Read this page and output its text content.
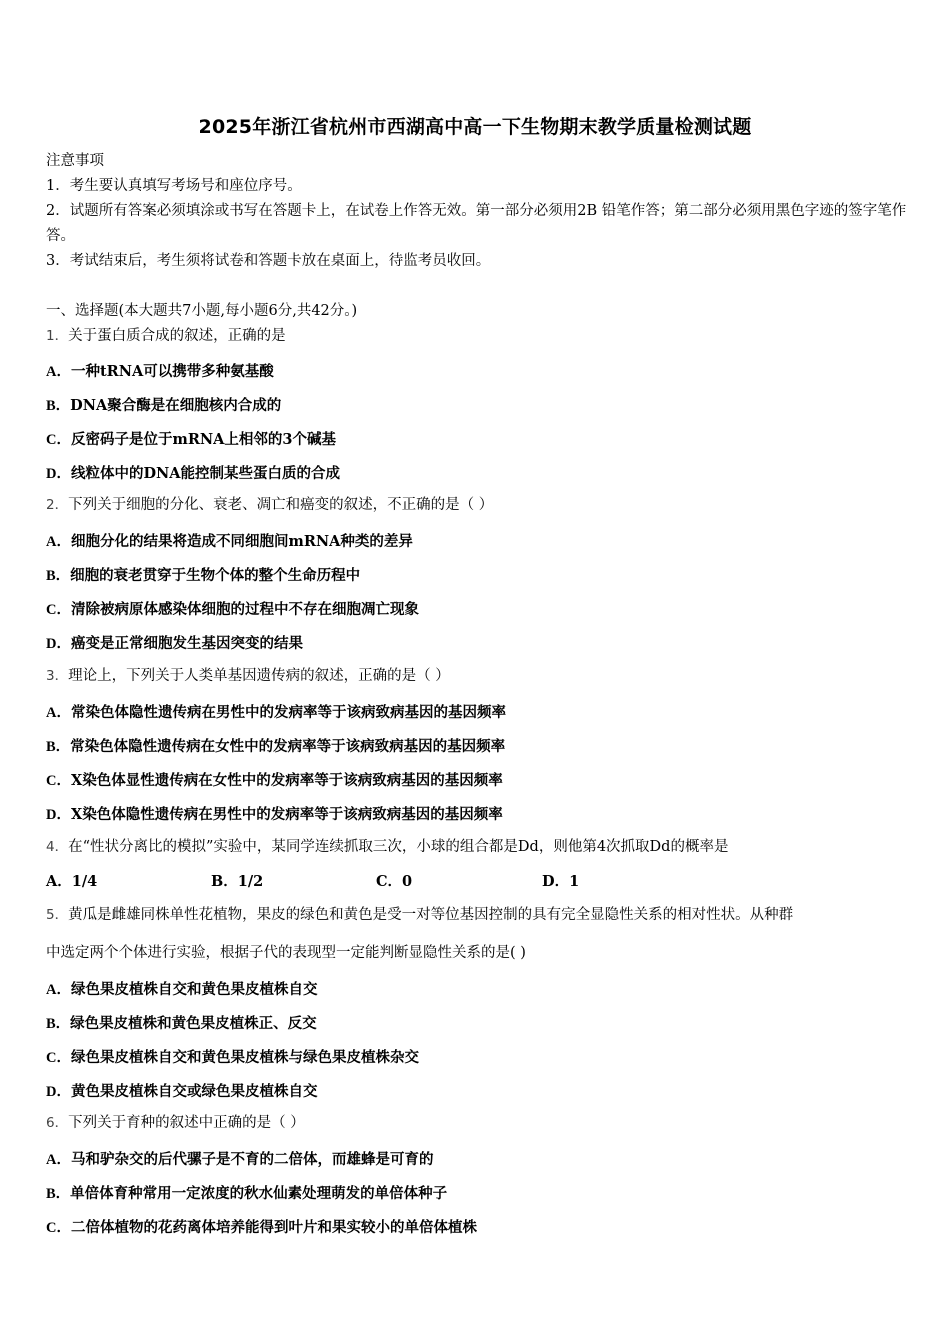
2025年浙江省杭州市西湖高中高一下生物期末教学质量检测试题
注意事项
1．考生要认真填写考场号和座位序号。
2．试题所有答案必须填涂或书写在答题卡上，在试卷上作答无效。第一部分必须用2B 铅笔作答；第二部分必须用黑色字迹的签字笔作答。
3．考试结束后，考生须将试卷和答题卡放在桌面上，待监考员收回。
一、选择题(本大题共7小题,每小题6分,共42分。)
1．关于蛋白质合成的叙述，正确的是
A．一种tRNA可以携带多种氨基酸
B．DNA聚合酶是在细胞核内合成的
C．反密码子是位于mRNA上相邻的3个碱基
D．线粒体中的DNA能控制某些蛋白质的合成
2．下列关于细胞的分化、衰老、凋亡和癌变的叙述，不正确的是（ ）
A．细胞分化的结果将造成不同细胞间mRNA种类的差异
B．细胞的衰老贯穿于生物个体的整个生命历程中
C．清除被病原体感染体细胞的过程中不存在细胞凋亡现象
D．癌变是正常细胞发生基因突变的结果
3．理论上，下列关于人类单基因遗传病的叙述，正确的是（ ）
A．常染色体隐性遗传病在男性中的发病率等于该病致病基因的基因频率
B．常染色体隐性遗传病在女性中的发病率等于该病致病基因的基因频率
C．X染色体显性遗传病在女性中的发病率等于该病致病基因的基因频率
D．X染色体隐性遗传病在男性中的发病率等于该病致病基因的基因频率
4．在“性状分离比的模拟”实验中，某同学连续抓取三次，小球的组合都是Dd，则他第4次抓取Dd的概率是
A．1/4	B．1/2	C．0	D．1
5．黄瓜是雌雄同株单性花植物，果皮的绿色和黄色是受一对等位基因控制的具有完全显隐性关系的相对性状。从种群
中选定两个个体进行实验，根据子代的表现型一定能判断显隐性关系的是( )
A．绿色果皮植株自交和黄色果皮植株自交
B．绿色果皮植株和黄色果皮植株正、反交
C．绿色果皮植株自交和黄色果皮植株与绿色果皮植株杂交
D．黄色果皮植株自交或绿色果皮植株自交
6．下列关于育种的叙述中正确的是（ ）
A．马和驴杂交的后代骡子是不育的二倍体，而雄蜂是可育的
B．单倍体育种常用一定浓度的秋水仙素处理萌发的单倍体种子
C．二倍体植物的花药离体培养能得到叶片和果实较小的单倍体植株
